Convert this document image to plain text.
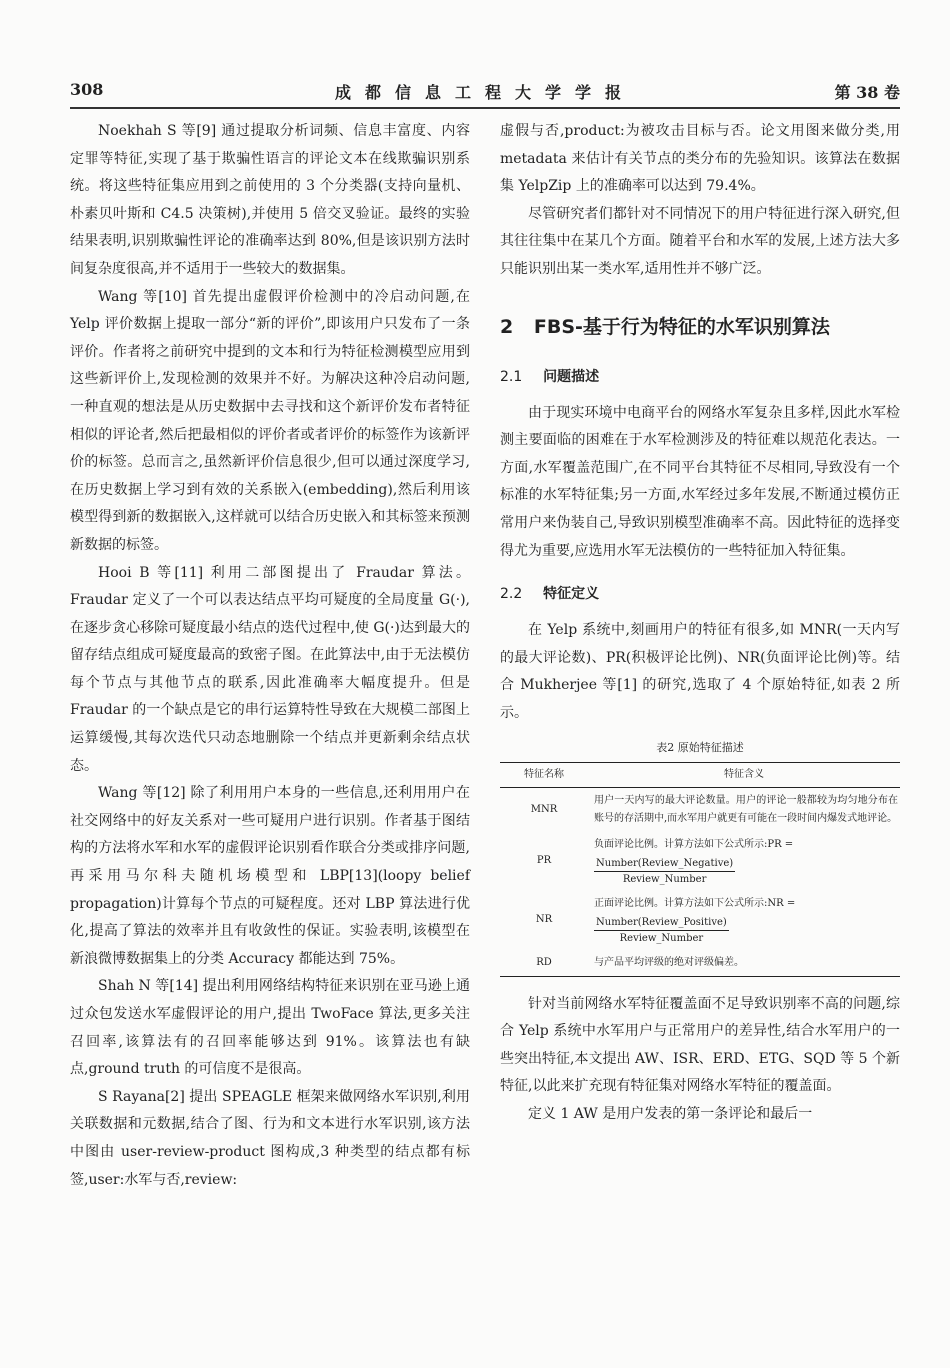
308	成都信息工程大学学报	第 38 卷

Noekhah S 等[9] 通过提取分析词频、信息丰富度、内容定罪等特征,实现了基于欺骗性语言的评论文本在线欺骗识别系统。将这些特征集应用到之前使用的 3 个分类器(支持向量机、朴素贝叶斯和 C4.5 决策树),并使用 5 倍交叉验证。最终的实验结果表明,识别欺骗性评论的准确率达到 80%,但是该识别方法时间复杂度很高,并不适用于一些较大的数据集。

Wang 等[10] 首先提出虚假评价检测中的冷启动问题,在 Yelp 评价数据上提取一部分“新的评价”,即该用户只发布了一条评价。作者将之前研究中提到的文本和行为特征检测模型应用到这些新评价上,发现检测的效果并不好。为解决这种冷启动问题,一种直观的想法是从历史数据中去寻找和这个新评价发布者特征相似的评论者,然后把最相似的评价者或者评价的标签作为该新评价的标签。总而言之,虽然新评价信息很少,但可以通过深度学习,在历史数据上学习到有效的关系嵌入(embedding),然后利用该模型得到新的数据嵌入,这样就可以结合历史嵌入和其标签来预测新数据的标签。

Hooi B 等[11] 利用二部图提出了 Fraudar 算法。Fraudar 定义了一个可以表达结点平均可疑度的全局度量 G(·),在逐步贪心移除可疑度最小结点的迭代过程中,使 G(·)达到最大的留存结点组成可疑度最高的致密子图。在此算法中,由于无法模仿每个节点与其他节点的联系,因此准确率大幅度提升。但是 Fraudar 的一个缺点是它的串行运算特性导致在大规模二部图上运算缓慢,其每次迭代只动态地删除一个结点并更新剩余结点状态。

Wang 等[12] 除了利用用户本身的一些信息,还利用用户在社交网络中的好友关系对一些可疑用户进行识别。作者基于图结构的方法将水军和水军的虚假评论识别看作联合分类或排序问题,再采用马尔科夫随机场模型和 LBP[13](loopy belief propagation)计算每个节点的可疑程度。还对 LBP 算法进行优化,提高了算法的效率并且有收敛性的保证。实验表明,该模型在新浪微博数据集上的分类 Accuracy 都能达到 75%。

Shah N 等[14] 提出利用网络结构特征来识别在亚马逊上通过众包发送水军虚假评论的用户,提出 TwoFace 算法,更多关注召回率,该算法有的召回率能够达到 91%。该算法也有缺点,ground truth 的可信度不是很高。

S Rayana[2] 提出 SPEAGLE 框架来做网络水军识别,利用关联数据和元数据,结合了图、行为和文本进行水军识别,该方法中图由 user-review-product 图构成,3 种类型的结点都有标签,user:水军与否,review:

虚假与否,product:为被攻击目标与否。论文用图来做分类,用 metadata 来估计有关节点的类分布的先验知识。该算法在数据集 YelpZip 上的准确率可以达到 79.4%。

尽管研究者们都针对不同情况下的用户特征进行深入研究,但其往往集中在某几个方面。随着平台和水军的发展,上述方法大多只能识别出某一类水军,适用性并不够广泛。

2 FBS-基于行为特征的水军识别算法
2.1 问题描述

由于现实环境中电商平台的网络水军复杂且多样,因此水军检测主要面临的困难在于水军检测涉及的特征难以规范化表达。一方面,水军覆盖范围广,在不同平台其特征不尽相同,导致没有一个标准的水军特征集;另一方面,水军经过多年发展,不断通过模仿正常用户来伪装自己,导致识别模型准确率不高。因此特征的选择变得尤为重要,应选用水军无法模仿的一些特征加入特征集。

2.2 特征定义

在 Yelp 系统中,刻画用户的特征有很多,如 MNR(一天内写的最大评论数)、PR(积极评论比例)、NR(负面评论比例)等。结合 Mukherjee 等[1] 的研究,选取了 4 个原始特征,如表 2 所示。

表2 原始特征描述
特征名称	特征含义
MNR	用户一天内写的最大评论数量。用户的评论一般都较为均匀地分布在账号的存活期中,而水军用户就更有可能在一段时间内爆发式地评论。
PR	负面评论比例。计算方法如下公式所示:PR =

$\frac{\text{Number(Review\_Negative)}}{\text{Review\_Number}}$

NR	正面评论比例。计算方法如下公式所示:NR =

$\frac{\text{Number(Review\_Positive)}}{\text{Review\_Number}}$

RD	与产品平均评级的绝对评级偏差。

针对当前网络水军特征覆盖面不足导致识别率不高的问题,综合 Yelp 系统中水军用户与正常用户的差异性,结合水军用户的一些突出特征,本文提出 AW、ISR、ERD、ETG、SQD 等 5 个新特征,以此来扩充现有特征集对网络水军特征的覆盖面。

定义 1 AW 是用户发表的第一条评论和最后一
